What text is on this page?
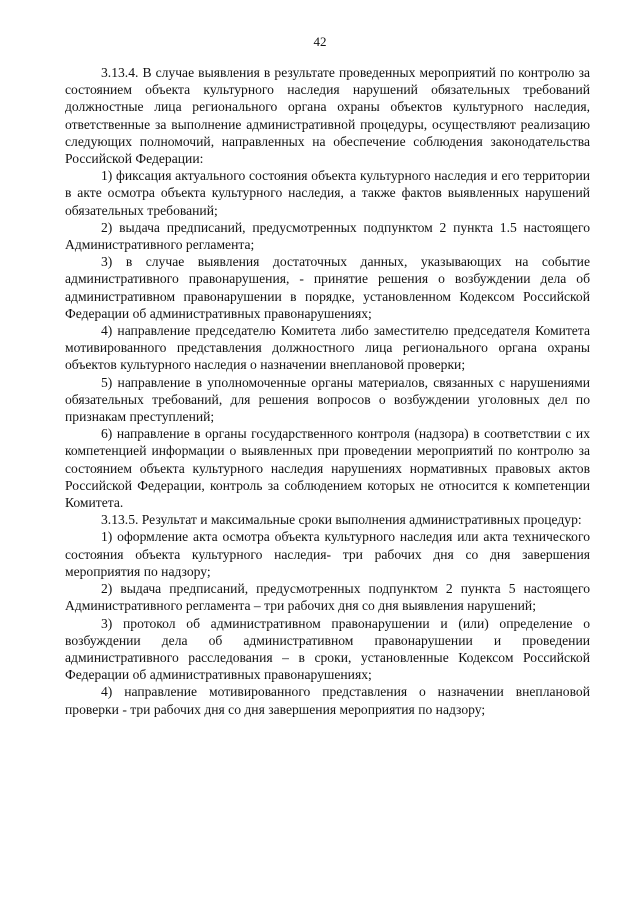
42

3.13.4. В случае выявления в результате проведенных мероприятий по контролю за состоянием объекта культурного наследия нарушений обязательных требований должностные лица регионального органа охраны объектов культурного наследия, ответственные за выполнение административной процедуры, осуществляют реализацию следующих полномочий, направленных на обеспечение соблюдения законодательства Российской Федерации:

1) фиксация актуального состояния объекта культурного наследия и его территории в акте осмотра объекта культурного наследия, а также фактов выявленных нарушений обязательных требований;

2) выдача предписаний, предусмотренных подпунктом 2 пункта 1.5 настоящего Административного регламента;

3) в случае выявления достаточных данных, указывающих на событие административного правонарушения, - принятие решения о возбуждении дела об административном правонарушении в порядке, установленном Кодексом Российской Федерации об административных правонарушениях;

4) направление председателю Комитета либо заместителю председателя Комитета мотивированного представления должностного лица регионального органа охраны объектов культурного наследия о назначении внеплановой проверки;

5) направление в уполномоченные органы материалов, связанных с нарушениями обязательных требований, для решения вопросов о возбуждении уголовных дел по признакам преступлений;

6) направление в органы государственного контроля (надзора) в соответствии с их компетенцией информации о выявленных при проведении мероприятий по контролю за состоянием объекта культурного наследия нарушениях нормативных правовых актов Российской Федерации, контроль за соблюдением которых не относится к компетенции Комитета.

3.13.5. Результат и максимальные сроки выполнения административных процедур:

1) оформление акта осмотра объекта культурного наследия или акта технического состояния объекта культурного наследия- три рабочих дня со дня завершения мероприятия по надзору;

2) выдача предписаний, предусмотренных подпунктом 2 пункта 5 настоящего Административного регламента – три рабочих дня со дня выявления нарушений;

3) протокол об административном правонарушении и (или) определение о возбуждении дела об административном правонарушении и проведении административного расследования – в сроки, установленные Кодексом Российской Федерации об административных правонарушениях;

4) направление мотивированного представления о назначении внеплановой проверки - три рабочих дня со дня завершения мероприятия по надзору;
